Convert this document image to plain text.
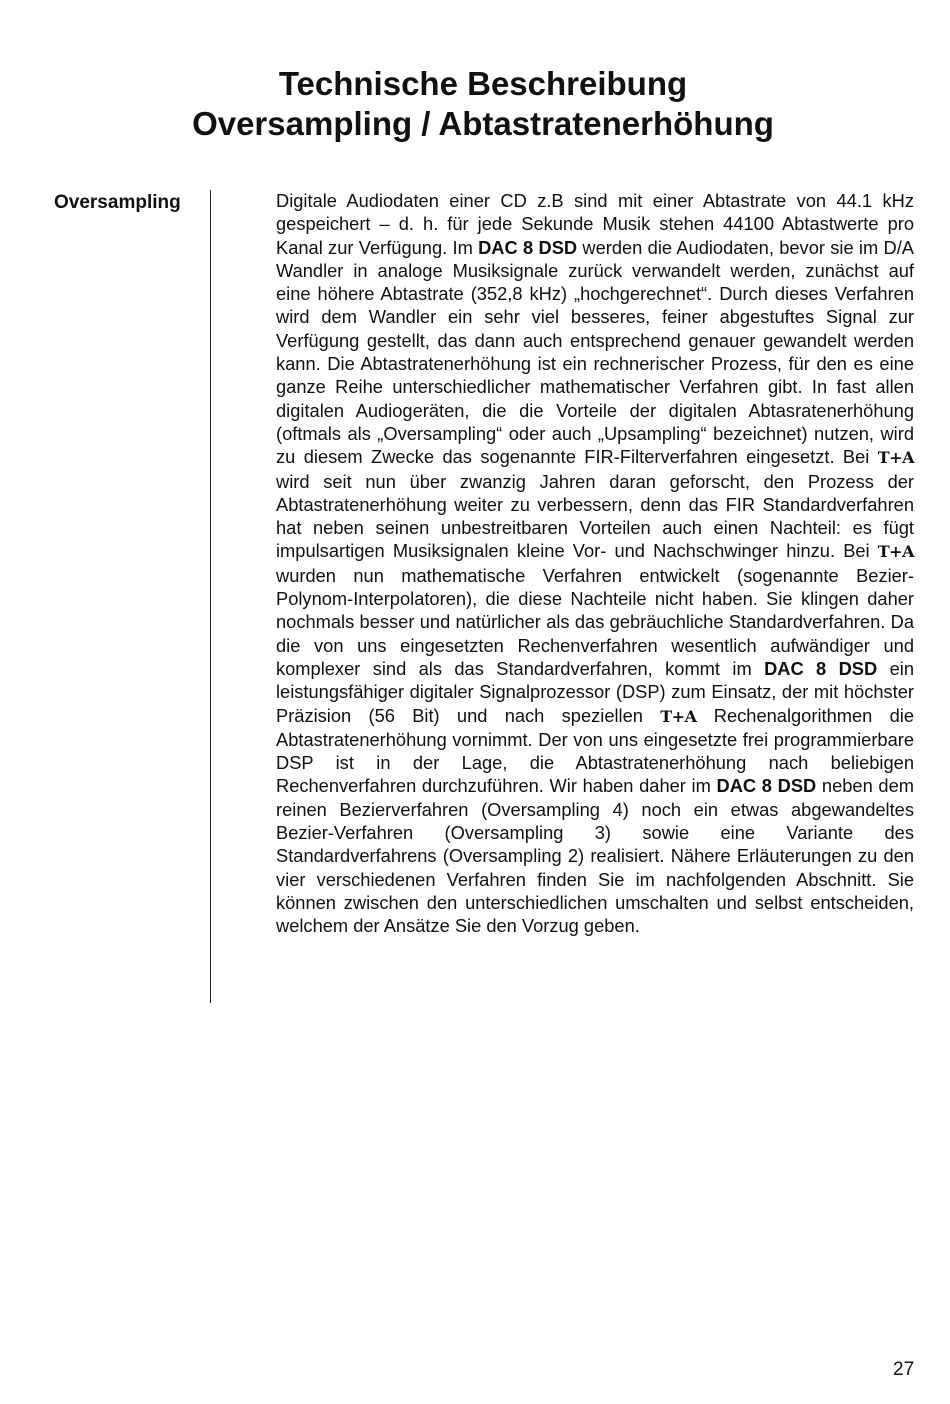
Technische Beschreibung
Oversampling / Abtastratenerhöhung
Oversampling	Digitale Audiodaten einer CD z.B sind mit einer Abtastrate von 44.1 kHz gespeichert – d. h. für jede Sekunde Musik stehen 44100 Abtastwerte pro Kanal zur Verfügung. Im DAC 8 DSD werden die Audiodaten, bevor sie im D/A Wandler in analoge Musiksignale zurück verwandelt werden, zunächst auf eine höhere Abtastrate (352,8 kHz) „hochgerechnet“. Durch dieses Verfahren wird dem Wandler ein sehr viel besseres, feiner abgestuftes Signal zur Verfügung gestellt, das dann auch entsprechend genauer gewandelt werden kann. Die Abtastratenerhöhung ist ein rechnerischer Prozess, für den es eine ganze Reihe unterschiedlicher mathematischer Verfahren gibt. In fast allen digitalen Audiogeräten, die die Vorteile der digitalen Abtasratenerhöhung (oftmals als „Oversampling“ oder auch „Upsampling“ bezeichnet) nutzen, wird zu diesem Zwecke das sogenannte FIR-Filterverfahren eingesetzt. Bei T+A wird seit nun über zwanzig Jahren daran geforscht, den Prozess der Abtastratenerhöhung weiter zu verbessern, denn das FIR Standardverfahren hat neben seinen unbestreitbaren Vorteilen auch einen Nachteil: es fügt impulsartigen Musiksignalen kleine Vor- und Nachschwinger hinzu. Bei T+A wurden nun mathematische Verfahren entwickelt (sogenannte Bezier-Polynom-Interpolatoren), die diese Nachteile nicht haben. Sie klingen daher nochmals besser und natürlicher als das gebräuchliche Standardverfahren. Da die von uns eingesetzten Rechenverfahren wesentlich aufwändiger und komplexer sind als das Standardverfahren, kommt im DAC 8 DSD ein leistungsfähiger digitaler Signalprozessor (DSP) zum Einsatz, der mit höchster Präzision (56 Bit) und nach speziellen T+A Rechenalgorithmen die Abtastratenerhöhung vornimmt. Der von uns eingesetzte frei programmierbare DSP ist in der Lage, die Abtastratenerhöhung nach beliebigen Rechenverfahren durchzuführen. Wir haben daher im DAC 8 DSD neben dem reinen Bezierverfahren (Oversampling 4) noch ein etwas abgewandeltes Bezier-Verfahren (Oversampling 3) sowie eine Variante des Standardverfahrens (Oversampling 2) realisiert. Nähere Erläuterungen zu den vier verschiedenen Verfahren finden Sie im nachfolgenden Abschnitt. Sie können zwischen den unterschiedlichen umschalten und selbst entscheiden, welchem der Ansätze Sie den Vorzug geben.

27
